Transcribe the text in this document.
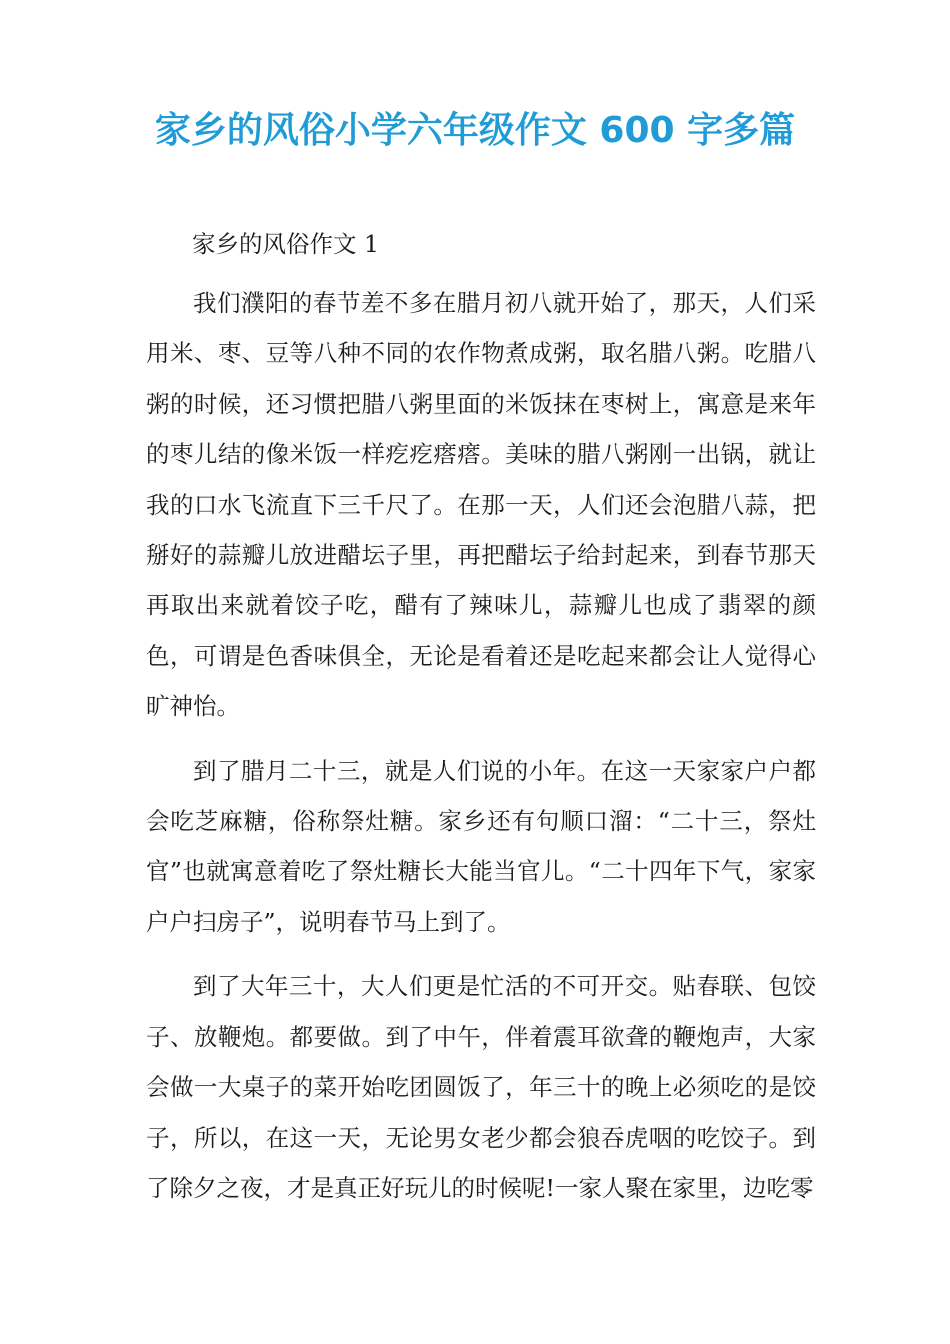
家乡的风俗小学六年级作文 600 字多篇
家乡的风俗作文 1

我们濮阳的春节差不多在腊月初八就开始了，那天，人们采用米、枣、豆等八种不同的农作物煮成粥，取名腊八粥。吃腊八粥的时候，还习惯把腊八粥里面的米饭抹在枣树上，寓意是来年的枣儿结的像米饭一样疙疙瘩瘩。美味的腊八粥刚一出锅，就让我的口水飞流直下三千尺了。在那一天，人们还会泡腊八蒜，把掰好的蒜瓣儿放进醋坛子里，再把醋坛子给封起来，到春节那天再取出来就着饺子吃，醋有了辣味儿，蒜瓣儿也成了翡翠的颜色，可谓是色香味俱全，无论是看着还是吃起来都会让人觉得心旷神怡。

到了腊月二十三，就是人们说的小年。在这一天家家户户都会吃芝麻糖，俗称祭灶糖。家乡还有句顺口溜：“二十三，祭灶官”也就寓意着吃了祭灶糖长大能当官儿。“二十四年下气，家家户户扫房子”，说明春节马上到了。

到了大年三十，大人们更是忙活的不可开交。贴春联、包饺子、放鞭炮。都要做。到了中午，伴着震耳欲聋的鞭炮声，大家会做一大桌子的菜开始吃团圆饭了，年三十的晚上必须吃的是饺子，所以，在这一天，无论男女老少都会狼吞虎咽的吃饺子。到了除夕之夜，才是真正好玩儿的时候呢!一家人聚在家里，边吃零
